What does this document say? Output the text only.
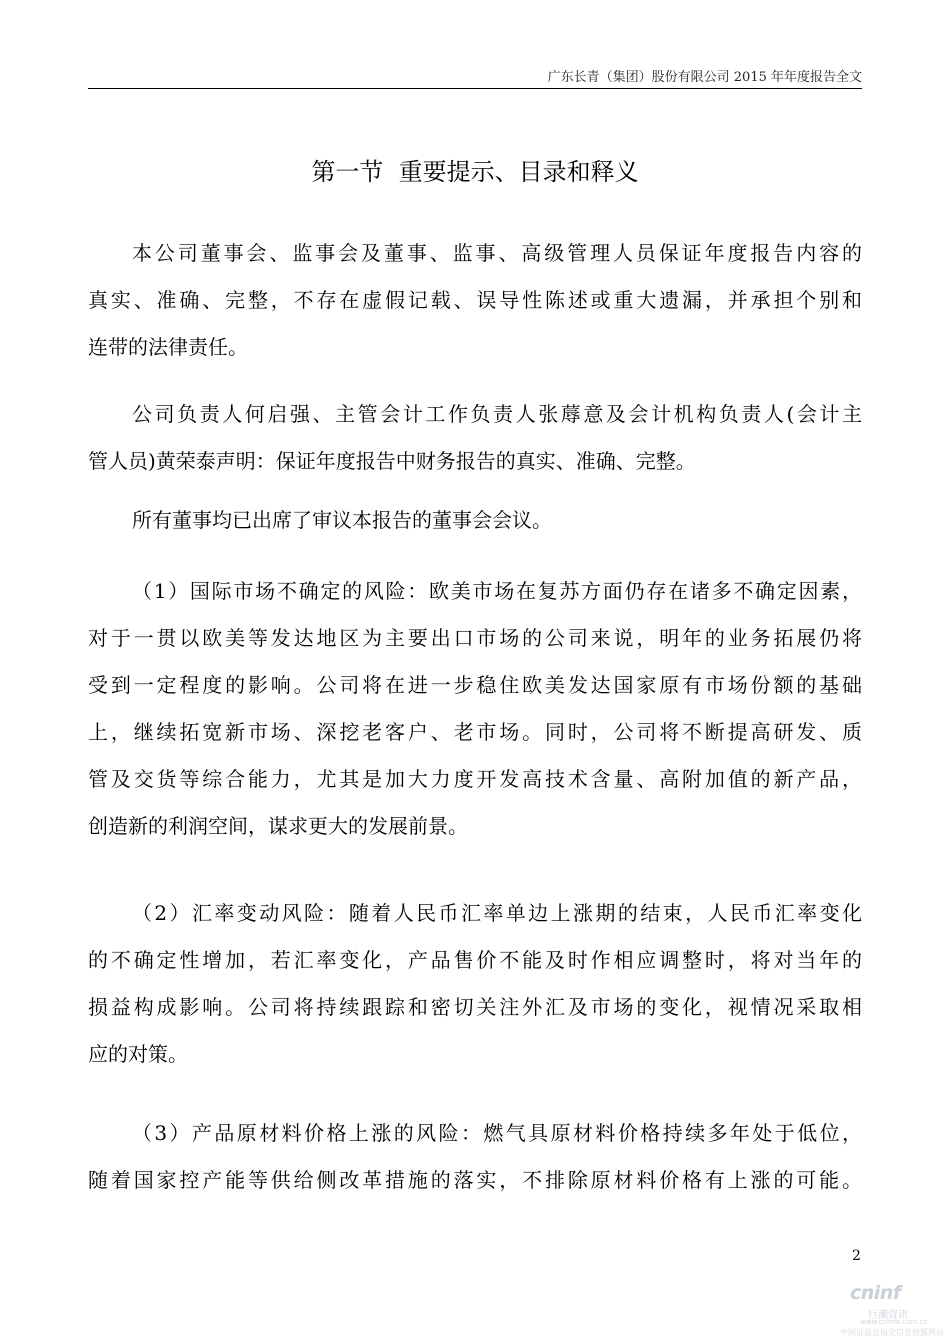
广东长青（集团）股份有限公司 2015 年年度报告全文
第一节  重要提示、目录和释义
本公司董事会、监事会及董事、监事、高级管理人员保证年度报告内容的
真实、准确、完整，不存在虚假记载、误导性陈述或重大遗漏，并承担个别和
连带的法律责任。
公司负责人何启强、主管会计工作负责人张蓐意及会计机构负责人(会计主
管人员)黄荣泰声明：保证年度报告中财务报告的真实、准确、完整。
所有董事均已出席了审议本报告的董事会会议。
（1）国际市场不确定的风险：欧美市场在复苏方面仍存在诸多不确定因素，
对于一贯以欧美等发达地区为主要出口市场的公司来说，明年的业务拓展仍将
受到一定程度的影响。公司将在进一步稳住欧美发达国家原有市场份额的基础
上，继续拓宽新市场、深挖老客户、老市场。同时，公司将不断提高研发、质
管及交货等综合能力，尤其是加大力度开发高技术含量、高附加值的新产品，
创造新的利润空间，谋求更大的发展前景。
（2）汇率变动风险：随着人民币汇率单边上涨期的结束，人民币汇率变化
的不确定性增加，若汇率变化，产品售价不能及时作相应调整时，将对当年的
损益构成影响。公司将持续跟踪和密切关注外汇及市场的变化，视情况采取相
应的对策。
（3）产品原材料价格上涨的风险：燃气具原材料价格持续多年处于低位，
随着国家控产能等供给侧改革措施的落实，不排除原材料价格有上涨的可能。
2
cninf
巨潮资讯
www.cninfo.com.cn
中国证监会指定信息披露网站
